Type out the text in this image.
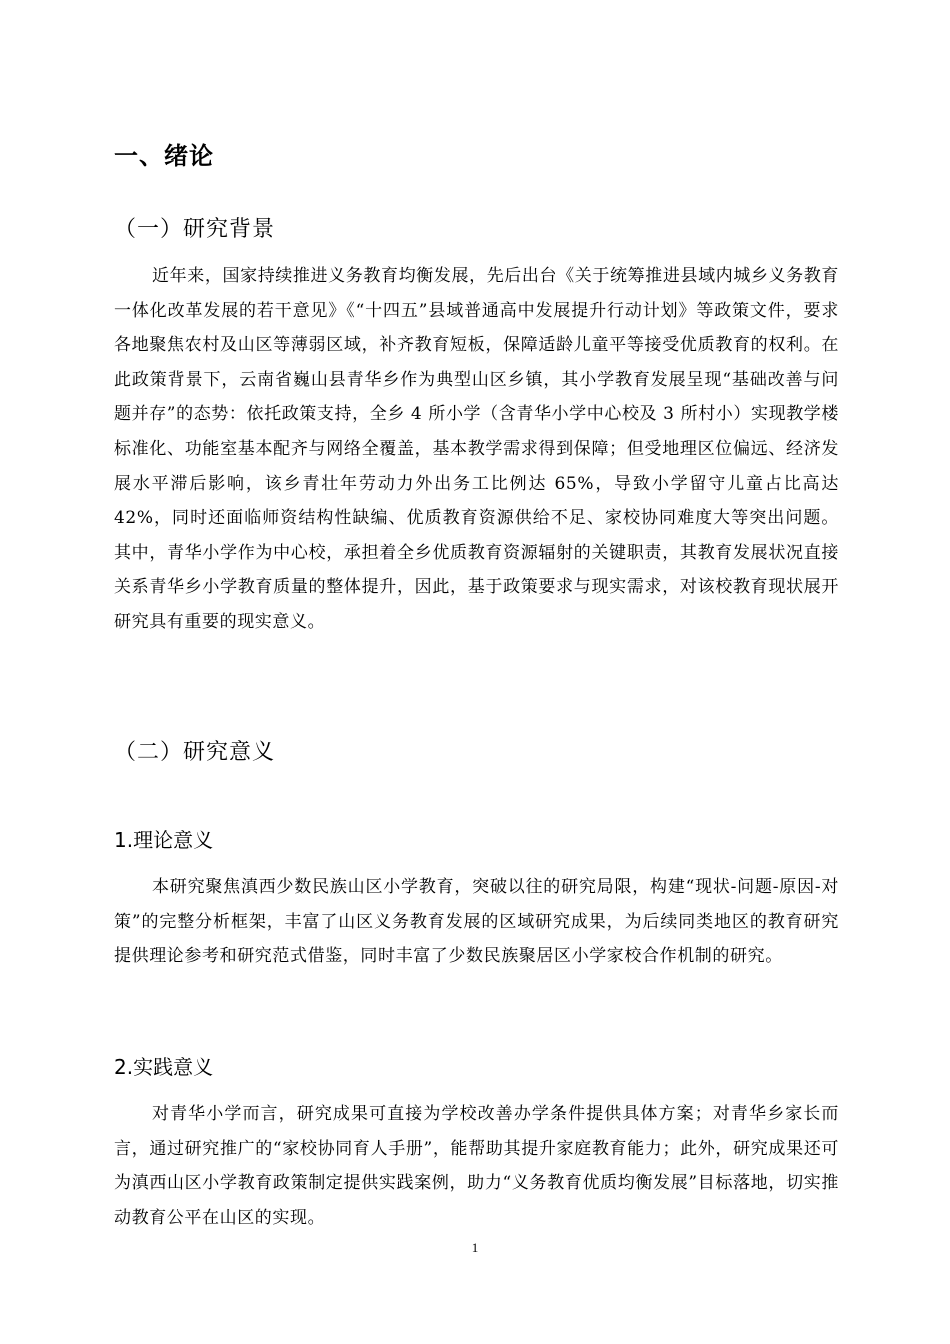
一、绪论
（一）研究背景

近年来，国家持续推进义务教育均衡发展，先后出台《关于统筹推进县域内城乡义务教育一体化改革发展的若干意见》《“十四五”县域普通高中发展提升行动计划》等政策文件，要求各地聚焦农村及山区等薄弱区域，补齐教育短板，保障适龄儿童平等接受优质教育的权利。在此政策背景下，云南省巍山县青华乡作为典型山区乡镇，其小学教育发展呈现“基础改善与问题并存”的态势：依托政策支持，全乡 4 所小学（含青华小学中心校及 3 所村小）实现教学楼标准化、功能室基本配齐与网络全覆盖，基本教学需求得到保障；但受地理区位偏远、经济发展水平滞后影响，该乡青壮年劳动力外出务工比例达 65%，导致小学留守儿童占比高达 42%，同时还面临师资结构性缺编、优质教育资源供给不足、家校协同难度大等突出问题。其中，青华小学作为中心校，承担着全乡优质教育资源辐射的关键职责，其教育发展状况直接关系青华乡小学教育质量的整体提升，因此，基于政策要求与现实需求，对该校教育现状展开研究具有重要的现实意义。

（二）研究意义
1.理论意义

本研究聚焦滇西少数民族山区小学教育，突破以往的研究局限，构建“现状-问题-原因-对策”的完整分析框架，丰富了山区义务教育发展的区域研究成果，为后续同类地区的教育研究提供理论参考和研究范式借鉴，同时丰富了少数民族聚居区小学家校合作机制的研究。

2.实践意义

对青华小学而言，研究成果可直接为学校改善办学条件提供具体方案；对青华乡家长而言，通过研究推广的“家校协同育人手册”，能帮助其提升家庭教育能力；此外，研究成果还可为滇西山区小学教育政策制定提供实践案例，助力“义务教育优质均衡发展”目标落地，切实推动教育公平在山区的实现。

1
